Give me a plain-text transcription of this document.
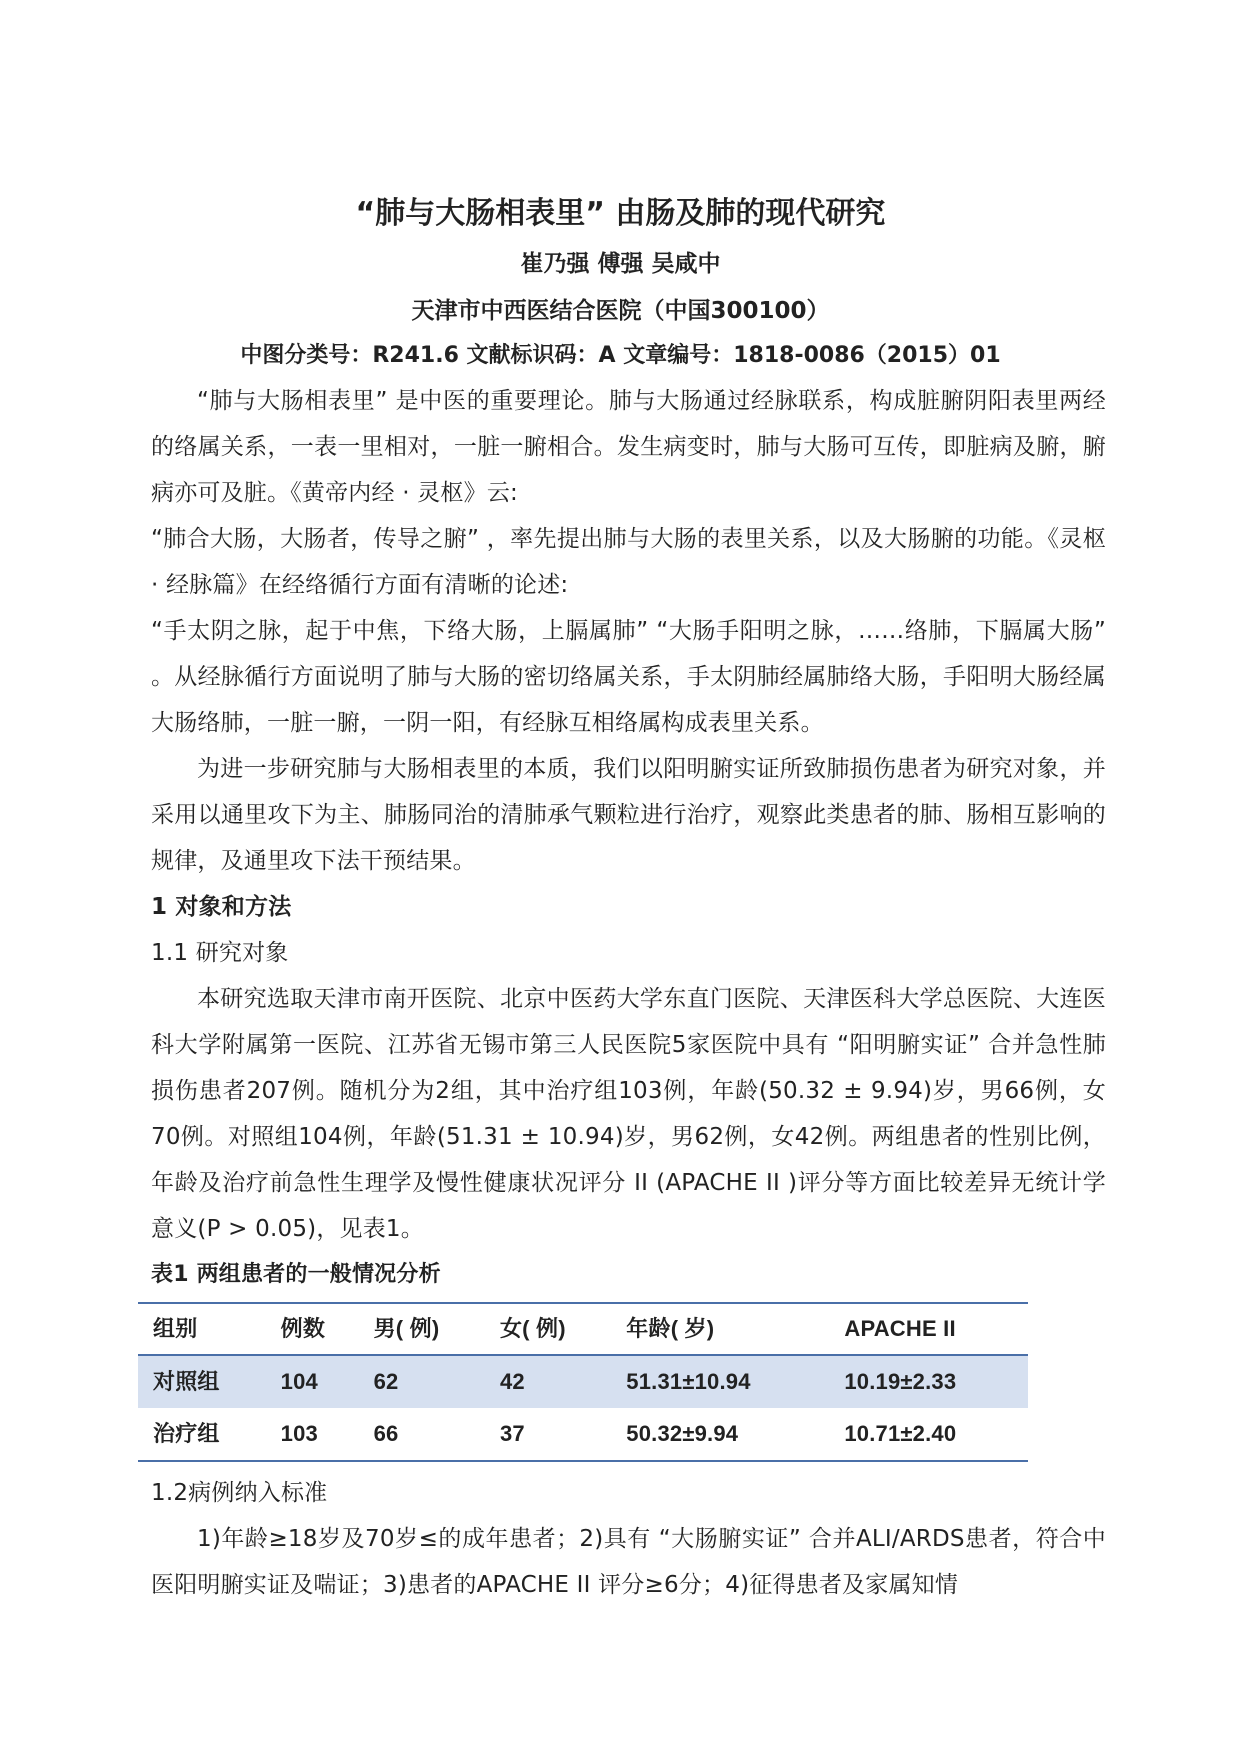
“肺与大肠相表里” 由肠及肺的现代研究
崔乃强 傅强 吴咸中
天津市中西医结合医院（中国300100）
中图分类号：R241.6 文献标识码：A 文章编号：1818-0086（2015）01

“肺与大肠相表里” 是中医的重要理论。肺与大肠通过经脉联系，构成脏腑阴阳表里两经的络属关系，一表一里相对，一脏一腑相合。发生病变时，肺与大肠可互传，即脏病及腑，腑病亦可及脏。《黄帝内经 · 灵枢》云:

“肺合大肠，大肠者，传导之腑” ，率先提出肺与大肠的表里关系，以及大肠腑的功能。《灵枢 · 经脉篇》在经络循行方面有清晰的论述:

“手太阴之脉，起于中焦，下络大肠，上膈属肺” “大肠手阳明之脉，……络肺，下膈属大肠” 。从经脉循行方面说明了肺与大肠的密切络属关系，手太阴肺经属肺络大肠，手阳明大肠经属大肠络肺，一脏一腑，一阴一阳，有经脉互相络属构成表里关系。

为进一步研究肺与大肠相表里的本质，我们以阳明腑实证所致肺损伤患者为研究对象，并采用以通里攻下为主、肺肠同治的清肺承气颗粒进行治疗，观察此类患者的肺、肠相互影响的规律，及通里攻下法干预结果。

1 对象和方法

1.1 研究对象

本研究选取天津市南开医院、北京中医药大学东直门医院、天津医科大学总医院、大连医科大学附属第一医院、江苏省无锡市第三人民医院5家医院中具有 “阳明腑实证” 合并急性肺损伤患者207例。随机分为2组，其中治疗组103例，年龄(50.32 ± 9.94)岁，男66例，女70例。对照组104例，年龄(51.31 ± 10.94)岁，男62例，女42例。两组患者的性别比例，年龄及治疗前急性生理学及慢性健康状况评分 II (APACHE II )评分等方面比较差异无统计学意义(P > 0.05)，见表1。

表1 两组患者的一般情况分析

组别	例数	男( 例)	女( 例)	年龄( 岁)	APACHE II
对照组	104	62	42	51.31±10.94	10.19±2.33
治疗组	103	66	37	50.32±9.94	10.71±2.40

1.2病例纳入标准

1)年龄≥18岁及70岁≤的成年患者；2)具有 “大肠腑实证” 合并ALI/ARDS患者，符合中医阳明腑实证及喘证；3)患者的APACHE II 评分≥6分；4)征得患者及家属知情
